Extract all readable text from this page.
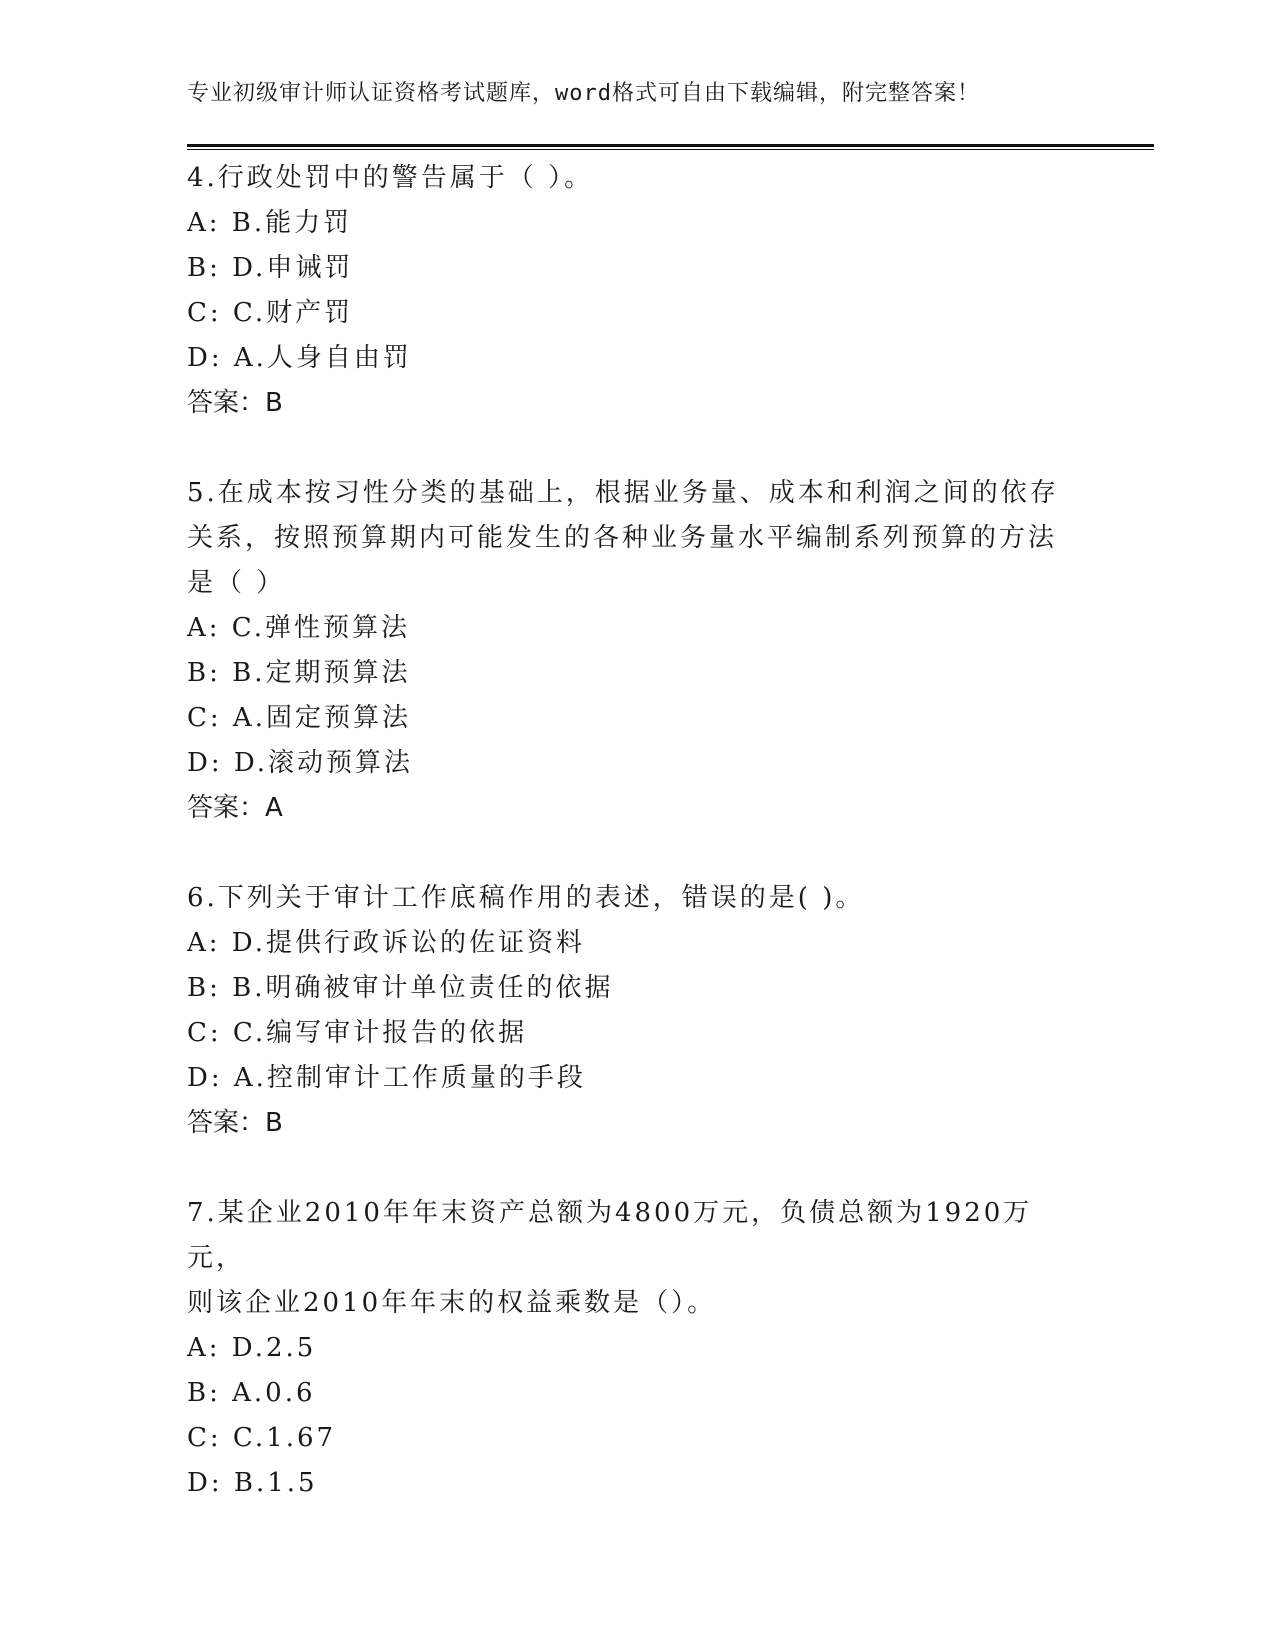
专业初级审计师认证资格考试题库，word格式可自由下载编辑，附完整答案！

4.行政处罚中的警告属于（ ）。

A: B.能力罚

B: D.申诫罚

C: C.财产罚

D: A.人身自由罚

答案：B

5.在成本按习性分类的基础上，根据业务量、成本和利润之间的依存

关系，按照预算期内可能发生的各种业务量水平编制系列预算的方法

是（ ）

A: C.弹性预算法

B: B.定期预算法

C: A.固定预算法

D: D.滚动预算法

答案：A

6.下列关于审计工作底稿作用的表述，错误的是( )。

A: D.提供行政诉讼的佐证资料

B: B.明确被审计单位责任的依据

C: C.编写审计报告的依据

D: A.控制审计工作质量的手段

答案：B

7.某企业2010年年末资产总额为4800万元，负债总额为1920万元，

则该企业2010年年末的权益乘数是（）。

A: D.2.5

B: A.0.6

C: C.1.67

D: B.1.5
